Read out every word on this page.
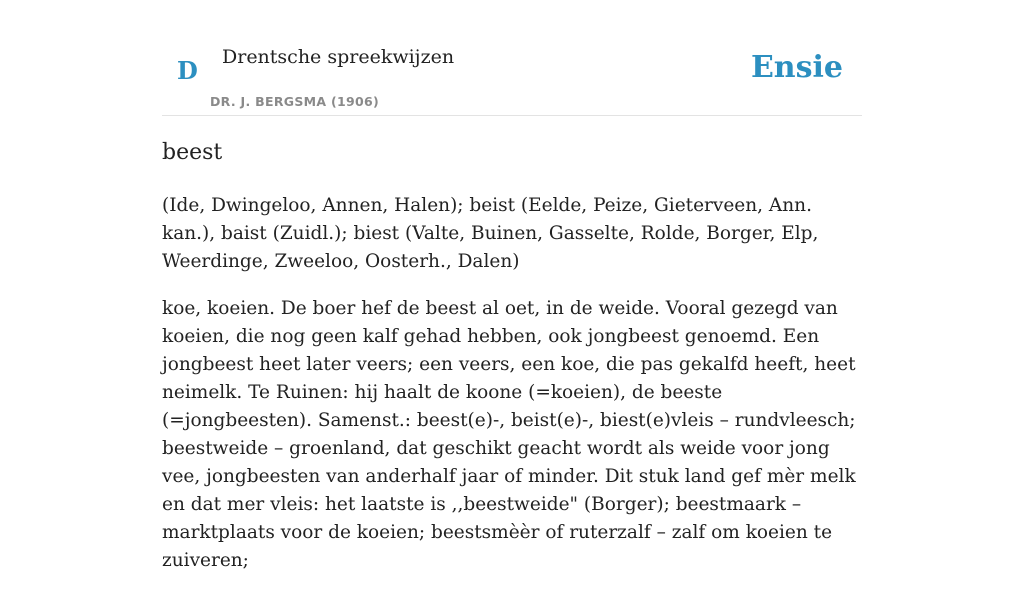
D Drentsche spreekwijzen
DR. J. BERGSMA (1906)
Ensie
beest

(Ide, Dwingeloo, Annen, Halen); beist (Eelde, Peize, Gieterveen, Ann. kan.), baist (Zuidl.); biest (Valte, Buinen, Gasselte, Rolde, Borger, Elp, Weerdinge, Zweeloo, Oosterh., Dalen)

koe, koeien. De boer hef de beest al oet, in de weide. Vooral gezegd van koeien, die nog geen kalf gehad hebben, ook jongbeest genoemd. Een jongbeest heet later veers; een veers, een koe, die pas gekalfd heeft, heet neimelk. Te Ruinen: hij haalt de koone (=koeien), de beeste (=jongbeesten). Samenst.: beest(e)-, beist(e)-, biest(e)vleis – rundvleesch; beestweide – groenland, dat geschikt geacht wordt als weide voor jong vee, jongbeesten van anderhalf jaar of minder. Dit stuk land gef mèr melk en dat mer vleis: het laatste is ,,beestweide" (Borger); beestmaark – marktplaats voor de koeien; beestsmèèr of ruterzalf – zalf om koeien te zuiveren;
